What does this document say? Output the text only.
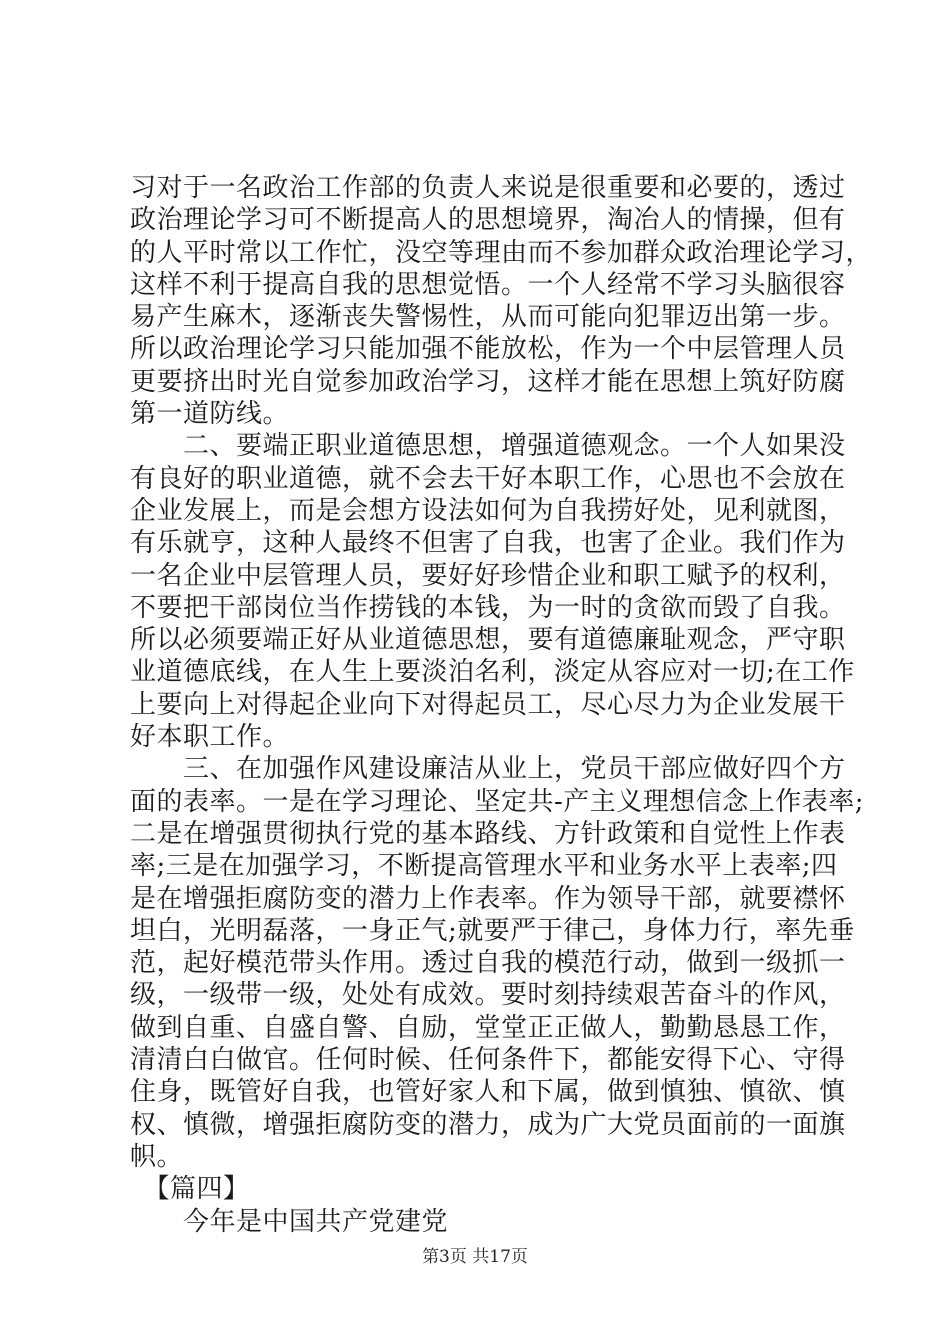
习对于一名政治工作部的负责人来说是很重要和必要的，透过
政治理论学习可不断提高人的思想境界，淘冶人的情操，但有
的人平时常以工作忙，没空等理由而不参加群众政治理论学习，
这样不利于提高自我的思想觉悟。一个人经常不学习头脑很容
易产生麻木，逐渐丧失警惕性，从而可能向犯罪迈出第一步。
所以政治理论学习只能加强不能放松，作为一个中层管理人员
更要挤出时光自觉参加政治学习，这样才能在思想上筑好防腐
第一道防线。
　　二、要端正职业道德思想，增强道德观念。一个人如果没
有良好的职业道德，就不会去干好本职工作，心思也不会放在
企业发展上，而是会想方设法如何为自我捞好处，见利就图，
有乐就亨，这种人最终不但害了自我，也害了企业。我们作为
一名企业中层管理人员，要好好珍惜企业和职工赋予的权利，
不要把干部岗位当作捞钱的本钱，为一时的贪欲而毁了自我。
所以必须要端正好从业道德思想，要有道德廉耻观念，严守职
业道德底线，在人生上要淡泊名利，淡定从容应对一切;在工作
上要向上对得起企业向下对得起员工，尽心尽力为企业发展干
好本职工作。
　　三、在加强作风建设廉洁从业上，党员干部应做好四个方
面的表率。一是在学习理论、坚定共-产主义理想信念上作表率;
二是在增强贯彻执行党的基本路线、方针政策和自觉性上作表
率;三是在加强学习，不断提高管理水平和业务水平上表率;四
是在增强拒腐防变的潜力上作表率。作为领导干部，就要襟怀
坦白，光明磊落，一身正气;就要严于律己，身体力行，率先垂
范，起好模范带头作用。透过自我的模范行动，做到一级抓一
级，一级带一级，处处有成效。要时刻持续艰苦奋斗的作风，
做到自重、自盛自警、自励，堂堂正正做人，勤勤恳恳工作，
清清白白做官。任何时候、任何条件下，都能安得下心、守得
住身，既管好自我，也管好家人和下属，做到慎独、慎欲、慎
权、慎微，增强拒腐防变的潜力，成为广大党员面前的一面旗
帜。
　【篇四】
　　今年是中国共产党建党
第3页 共17页
